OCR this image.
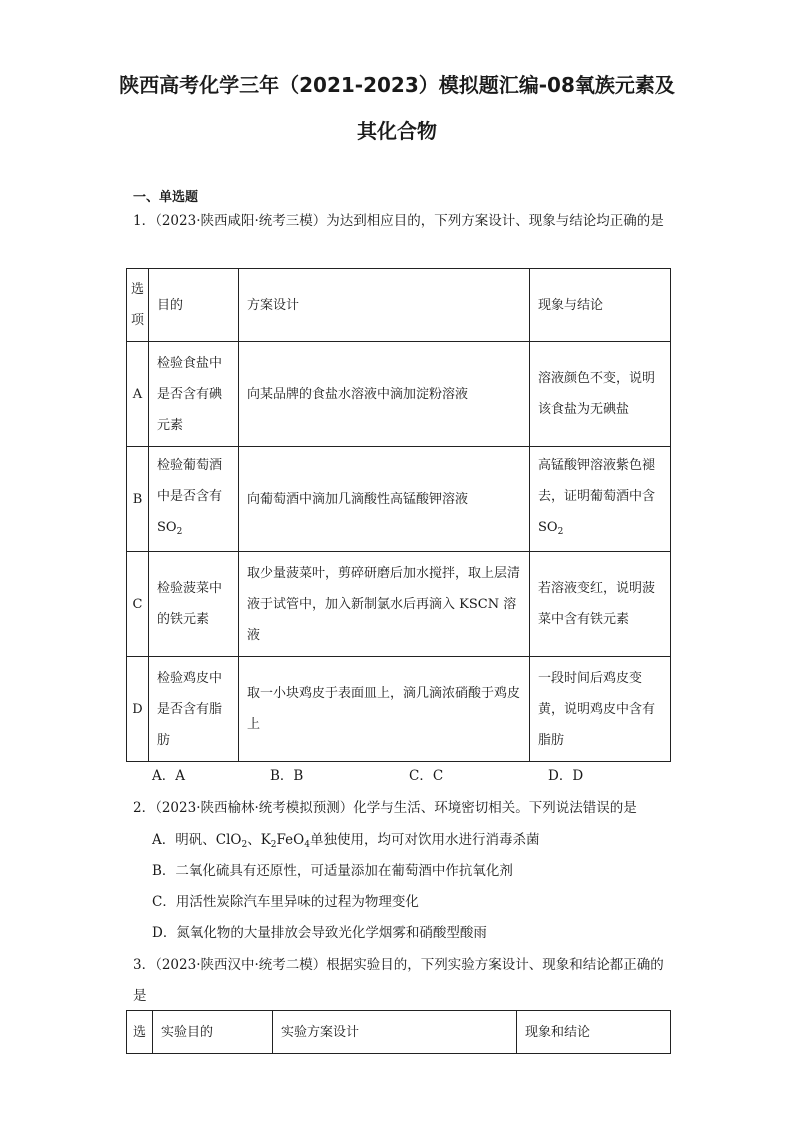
陕西高考化学三年（2021-2023）模拟题汇编-08氧族元素及
其化合物
一、单选题
1．（2023·陕西咸阳·统考三模）为达到相应目的，下列方案设计、现象与结论均正确的是
选项	目的	方案设计	现象与结论
A	检验食盐中是否含有碘元素	向某品牌的食盐水溶液中滴加淀粉溶液	溶液颜色不变，说明该食盐为无碘盐
B	检验葡萄酒中是否含有$SO_2$	向葡萄酒中滴加几滴酸性高锰酸钾溶液	高锰酸钾溶液紫色褪去，证明葡萄酒中含 $SO_2$
C	检验菠菜中的铁元素	取少量菠菜叶，剪碎研磨后加水搅拌，取上层清液于试管中，加入新制氯水后再滴入 KSCN 溶液	若溶液变红，说明菠菜中含有铁元素
D	检验鸡皮中是否含有脂肪	取一小块鸡皮于表面皿上，滴几滴浓硝酸于鸡皮上	一段时间后鸡皮变黄，说明鸡皮中含有脂肪
A．A	B．B	C．C	D．D
2．（2023·陕西榆林·统考模拟预测）化学与生活、环境密切相关。下列说法错误的是
A．明矾、ClO$_2$、$K_2FeO_4$单独使用，均可对饮用水进行消毒杀菌
B．二氧化硫具有还原性，可适量添加在葡萄酒中作抗氧化剂
C．用活性炭除汽车里异味的过程为物理变化
D．氮氧化物的大量排放会导致光化学烟雾和硝酸型酸雨
3．（2023·陕西汉中·统考二模）根据实验目的，下列实验方案设计、现象和结论都正确的是
选	实验目的	实验方案设计	现象和结论
